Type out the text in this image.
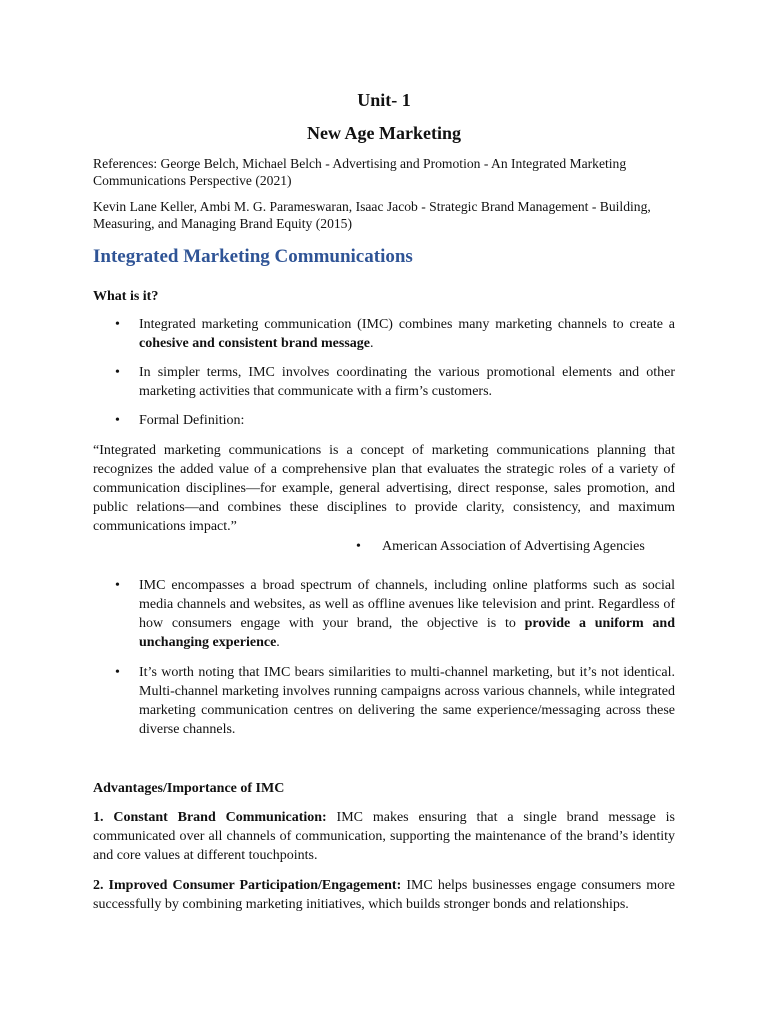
Unit- 1
New Age Marketing
References: George Belch, Michael Belch - Advertising and Promotion - An Integrated Marketing Communications Perspective (2021)
Kevin Lane Keller, Ambi M. G. Parameswaran, Isaac Jacob - Strategic Brand Management - Building, Measuring, and Managing Brand Equity (2015)
Integrated Marketing Communications
What is it?
• Integrated marketing communication (IMC) combines many marketing channels to create a cohesive and consistent brand message.
• In simpler terms, IMC involves coordinating the various promotional elements and other marketing activities that communicate with a firm’s customers.
• Formal Definition:
“Integrated marketing communications is a concept of marketing communications planning that recognizes the added value of a comprehensive plan that evaluates the strategic roles of a variety of communication disciplines—for example, general advertising, direct response, sales promotion, and public relations—and combines these disciplines to provide clarity, consistency, and maximum communications impact.”
• American Association of Advertising Agencies
• IMC encompasses a broad spectrum of channels, including online platforms such as social media channels and websites, as well as offline avenues like television and print. Regardless of how consumers engage with your brand, the objective is to provide a uniform and unchanging experience.
• It’s worth noting that IMC bears similarities to multi-channel marketing, but it’s not identical. Multi-channel marketing involves running campaigns across various channels, while integrated marketing communication centres on delivering the same experience/messaging across these diverse channels.
Advantages/Importance of IMC
1. Constant Brand Communication: IMC makes ensuring that a single brand message is communicated over all channels of communication, supporting the maintenance of the brand’s identity and core values at different touchpoints.
2. Improved Consumer Participation/Engagement: IMC helps businesses engage consumers more successfully by combining marketing initiatives, which builds stronger bonds and relationships.
